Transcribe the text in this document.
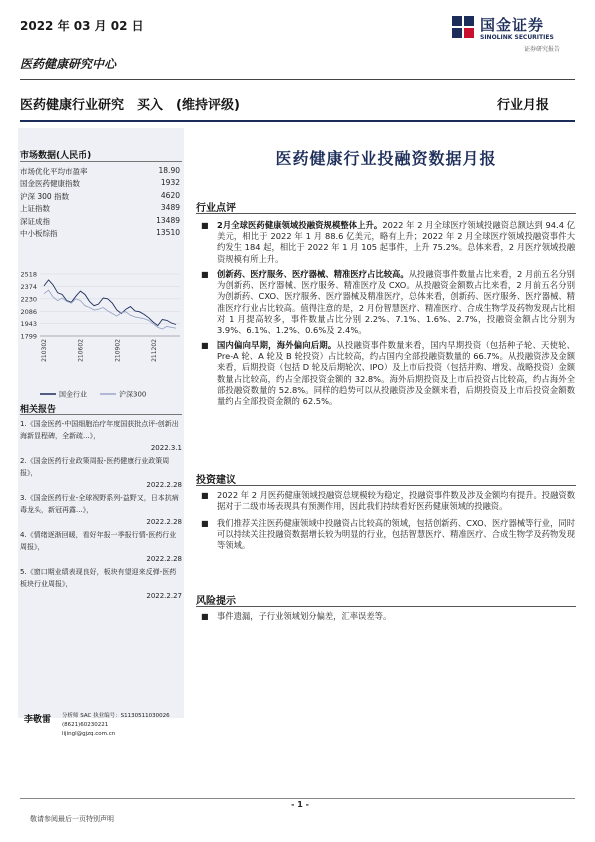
2022 年 03 月 02 日	国金证券
SINOLINK SECURITIES
证券研究报告
医药健康研究中心
医药健康行业研究　买入　(维持评级)	行业月报
市场数据(人民币)
市场优化平均市盈率	18.90
国金医药健康指数	1932
沪深 300 指数	4620
上证指数	3489
深证成指	13489
中小板综指	13510
2518
2374
2230
2086
1943
1799
210302	210602	210902	211202
国金行业	沪深300
相关报告
1.《国金医药-中国细胞治疗年度国获批点评-创新出海新显程碑，全新疏...》，
2022.3.1
2.《国金医药行业政策周报-医药健康行业政策周报》，
2022.2.28
3.《国金医药行业-全球视野系列-益野又，日本抗病毒龙头，新冠再露...》，
2022.2.28
4.《情绪逐渐回暖，看好年报一季报行情-医药行业周报》，
2022.2.28
5.《窗口期业绩表现良好，板块有望迎来反弹-医药板块行业周报》，
2022.2.27
李敬雷 分析师 SAC 执业编号：S1130511030026
(8621)60230221
lijingl@gjzq.com.cn
医药健康行业投融资数据月报
行业点评
■ 2月全球医药健康领域投融资规模整体上升。2022 年 2 月全球医疗领域投融资总额达到 94.4 亿美元，相比于 2022 年 1 月 88.6 亿美元，略有上升；2022 年 2 月全球医疗领域投融资事件大约发生 184 起，相比于 2022 年 1 月 105 起事件，上升 75.2%。总体来看，2 月医疗领域投融资规模有所上升。
■ 创新药、医疗服务、医疗器械、精准医疗占比较高。从投融资事件数量占比来看，2 月前五名分别为创新药、医疗器械、医疗服务、精准医疗及 CXO。从投融资金额数占比来看，2 月前五名分别为创新药、CXO、医疗服务、医疗器械及精准医疗，总体来看，创新药、医疗服务、医疗器械、精准医疗行业占比较高。值得注意的是，2 月份智慧医疗、精准医疗、合成生物学及药物发现占比相对 1 月提高较多，事件数量占比分别 2.2%、7.1%、1.6%、2.7%，投融资金额占比分别为 3.9%、6.1%、1.2%、0.6%及 2.4%。
■ 国内偏向早期，海外偏向后期。从投融资事件数量来看，国内早期投资（包括种子轮、天使轮、Pre-A 轮、A 轮及 B 轮投资）占比较高，约占国内全部投融资数量的 66.7%。从投融资涉及金额来看，后期投资（包括 D 轮及后期轮次、IPO）及上市后投资（包括并购、增发、战略投资）金额数量占比较高，约占全部投资金额的 32.8%。海外后期投资及上市后投资占比较高，约占海外全部投融资数量的 52.8%。同样的趋势可以从投融资涉及金额来看，后期投资及上市后投资金额数量约占全部投资金额的 62.5%。
投资建议
■ 2022 年 2 月医药健康领域投融资总规模较为稳定，投融资事件数及涉及金额均有提升。投融资数据对于二级市场表现具有预测作用，因此我们持续看好医药健康领域的投融资。
■ 我们推荐关注医药健康领域中投融资占比较高的领域，包括创新药、CXO、医疗器械等行业，同时可以持续关注投融资数据增长较为明显的行业，包括智慧医疗、精准医疗、合成生物学及药物发现等领域。
风险提示
■ 事件遗漏，子行业领域划分偏差，汇率误差等。
- 1 -
敬请参阅最后一页特别声明
